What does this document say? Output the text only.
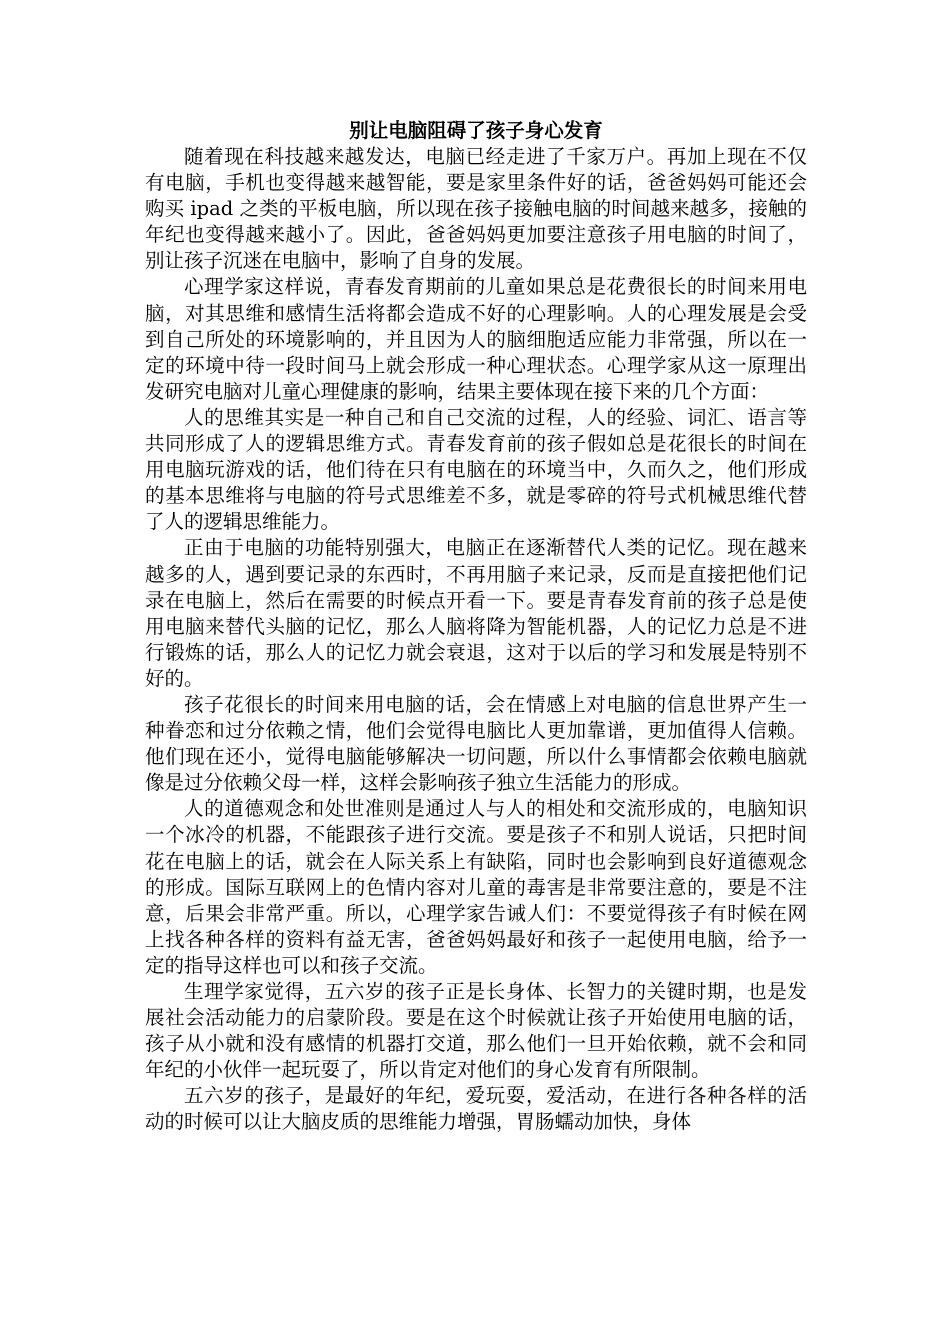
别让电脑阻碍了孩子身心发育

随着现在科技越来越发达，电脑已经走进了千家万户。再加上现在不仅有电脑，手机也变得越来越智能，要是家里条件好的话，爸爸妈妈可能还会购买 ipad 之类的平板电脑，所以现在孩子接触电脑的时间越来越多，接触的年纪也变得越来越小了。因此，爸爸妈妈更加要注意孩子用电脑的时间了，别让孩子沉迷在电脑中，影响了自身的发展。

心理学家这样说，青春发育期前的儿童如果总是花费很长的时间来用电脑，对其思维和感情生活将都会造成不好的心理影响。人的心理发展是会受到自己所处的环境影响的，并且因为人的脑细胞适应能力非常强，所以在一定的环境中待一段时间马上就会形成一种心理状态。心理学家从这一原理出发研究电脑对儿童心理健康的影响，结果主要体现在接下来的几个方面：

人的思维其实是一种自己和自己交流的过程，人的经验、词汇、语言等共同形成了人的逻辑思维方式。青春发育前的孩子假如总是花很长的时间在用电脑玩游戏的话，他们待在只有电脑在的环境当中，久而久之，他们形成的基本思维将与电脑的符号式思维差不多，就是零碎的符号式机械思维代替了人的逻辑思维能力。

正由于电脑的功能特别强大，电脑正在逐渐替代人类的记忆。现在越来越多的人，遇到要记录的东西时，不再用脑子来记录，反而是直接把他们记录在电脑上，然后在需要的时候点开看一下。要是青春发育前的孩子总是使用电脑来替代头脑的记忆，那么人脑将降为智能机器，人的记忆力总是不进行锻炼的话，那么人的记忆力就会衰退，这对于以后的学习和发展是特别不好的。

孩子花很长的时间来用电脑的话，会在情感上对电脑的信息世界产生一种眷恋和过分依赖之情，他们会觉得电脑比人更加靠谱，更加值得人信赖。他们现在还小，觉得电脑能够解决一切问题，所以什么事情都会依赖电脑就像是过分依赖父母一样，这样会影响孩子独立生活能力的形成。

人的道德观念和处世准则是通过人与人的相处和交流形成的，电脑知识一个冰冷的机器，不能跟孩子进行交流。要是孩子不和别人说话，只把时间花在电脑上的话，就会在人际关系上有缺陷，同时也会影响到良好道德观念的形成。国际互联网上的色情内容对儿童的毒害是非常要注意的，要是不注意，后果会非常严重。所以，心理学家告诫人们：不要觉得孩子有时候在网上找各种各样的资料有益无害，爸爸妈妈最好和孩子一起使用电脑，给予一定的指导这样也可以和孩子交流。

生理学家觉得，五六岁的孩子正是长身体、长智力的关键时期，也是发展社会活动能力的启蒙阶段。要是在这个时候就让孩子开始使用电脑的话，孩子从小就和没有感情的机器打交道，那么他们一旦开始依赖，就不会和同年纪的小伙伴一起玩耍了，所以肯定对他们的身心发育有所限制。

五六岁的孩子，是最好的年纪，爱玩耍，爱活动，在进行各种各样的活动的时候可以让大脑皮质的思维能力增强，胃肠蠕动加快，身体
